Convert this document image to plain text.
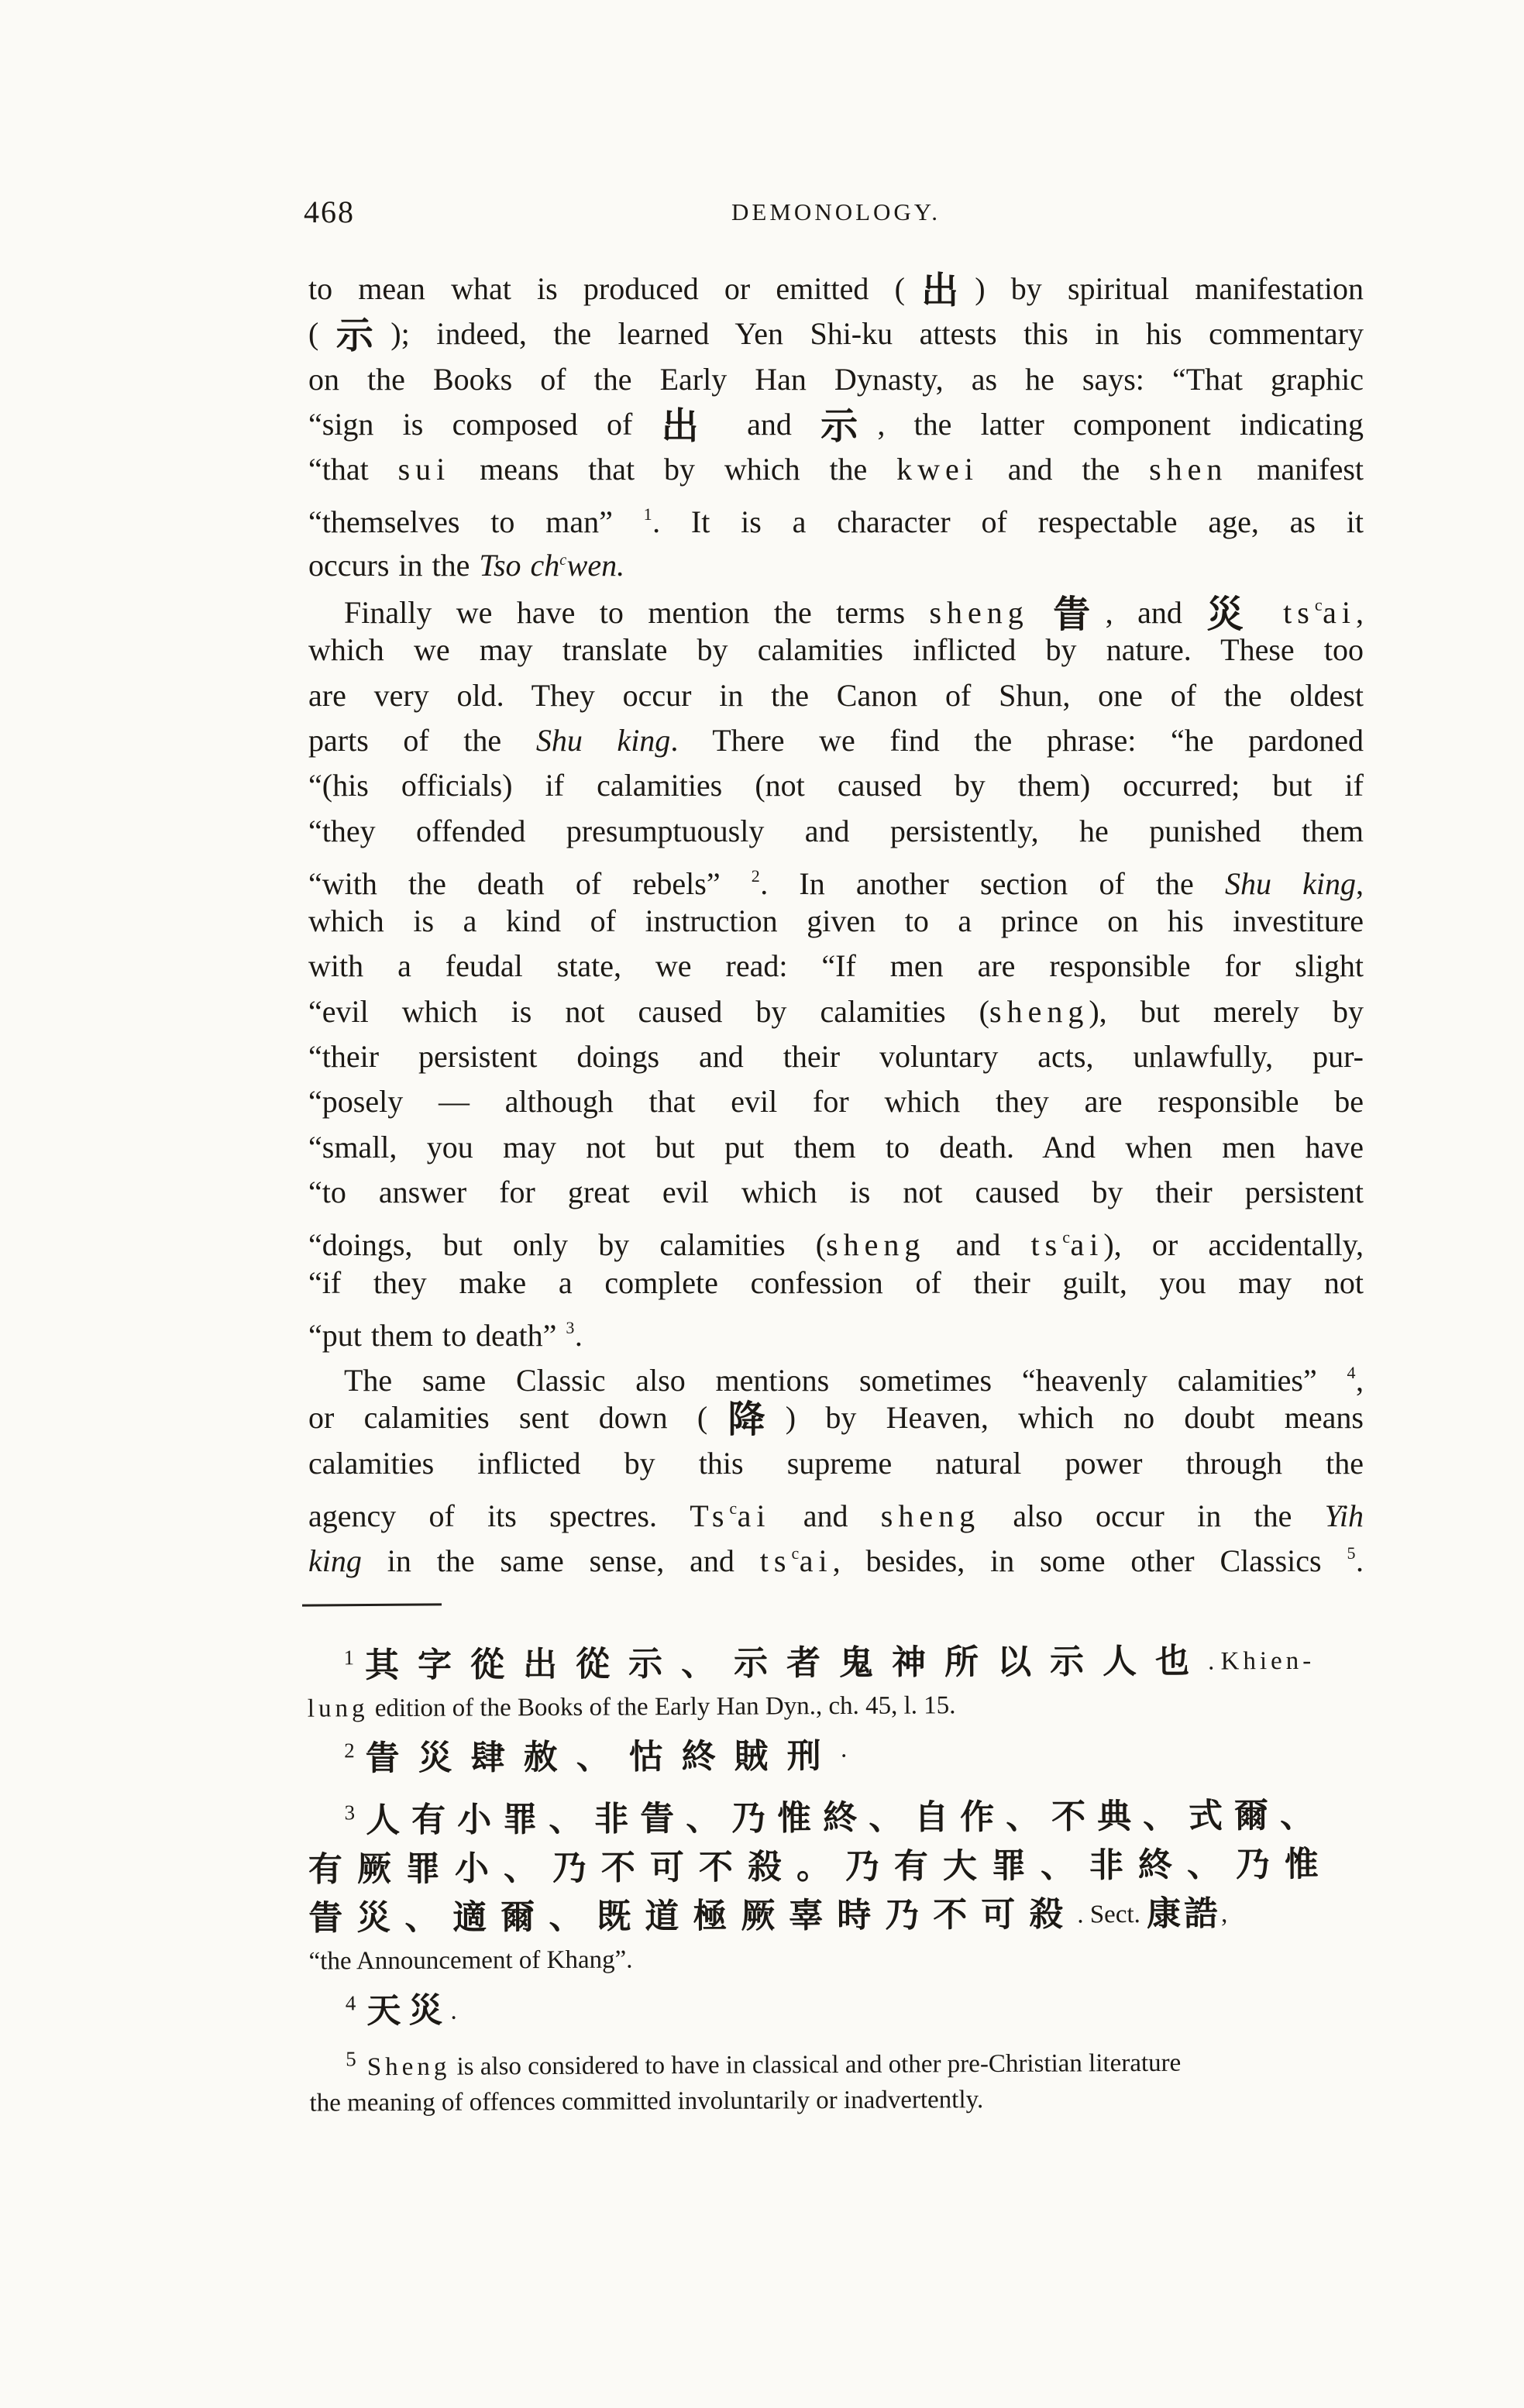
468	DEMONOLOGY.
to mean what is produced or emitted (出) by spiritual manifestation
(示); indeed, the learned Yen Shi-ku attests this in his commentary
on the Books of the Early Han Dynasty, as he says: “That graphic
“sign is composed of 出 and 示, the latter component indicating
“that sui means that by which the kwei and the shen manifest
“themselves to man” $^1$. It is a character of respectable age, as it
occurs in the Tso $ch^cwen$.
Finally we have to mention the terms sheng 眚, and 災 $ts^cai$,
which we may translate by calamities inflicted by nature. These too
are very old. They occur in the Canon of Shun, one of the oldest
parts of the Shu king. There we find the phrase: “he pardoned
“(his officials) if calamities (not caused by them) occurred; but if
“they offended presumptuously and persistently, he punished them
“with the death of rebels” $^2$. In another section of the Shu king,
which is a kind of instruction given to a prince on his investiture
with a feudal state, we read: “If men are responsible for slight
“evil which is not caused by calamities (sheng), but merely by
“their persistent doings and their voluntary acts, unlawfully, pur-
“posely — although that evil for which they are responsible be
“small, you may not but put them to death. And when men have
“to answer for great evil which is not caused by their persistent
“doings, but only by calamities (sheng and $ts^cai$), or accidentally,
“if they make a complete confession of their guilt, you may not
“put them to death” $^3$.
The same Classic also mentions sometimes “heavenly calamities” $^4$,
or calamities sent down (降) by Heaven, which no doubt means
calamities inflicted by this supreme natural power through the
agency of its spectres. Ts$^c$ai and sheng also occur in the Yih
king in the same sense, and $ts^cai$, besides, in some other Classics $^5$.
$^1$ 其字從出從示、示者鬼神所以示人也. Khien-
lung edition of the Books of the Early Han Dyn., ch. 45, l. 15.
$^2$ 眚災肆赦、怙終賊刑·
$^3$ 人有小罪、非眚、乃惟終、自作、不典、式爾、
有厥罪小、乃不可不殺。乃有大罪、非終、乃惟
眚災、適爾、既道極厥辜時乃不可殺. Sect. 康誥,
“the Announcement of Khang”.
$^4$ 天災.
$^5$ Sheng is also considered to have in classical and other pre-Christian literature
the meaning of offences committed involuntarily or inadvertently.
